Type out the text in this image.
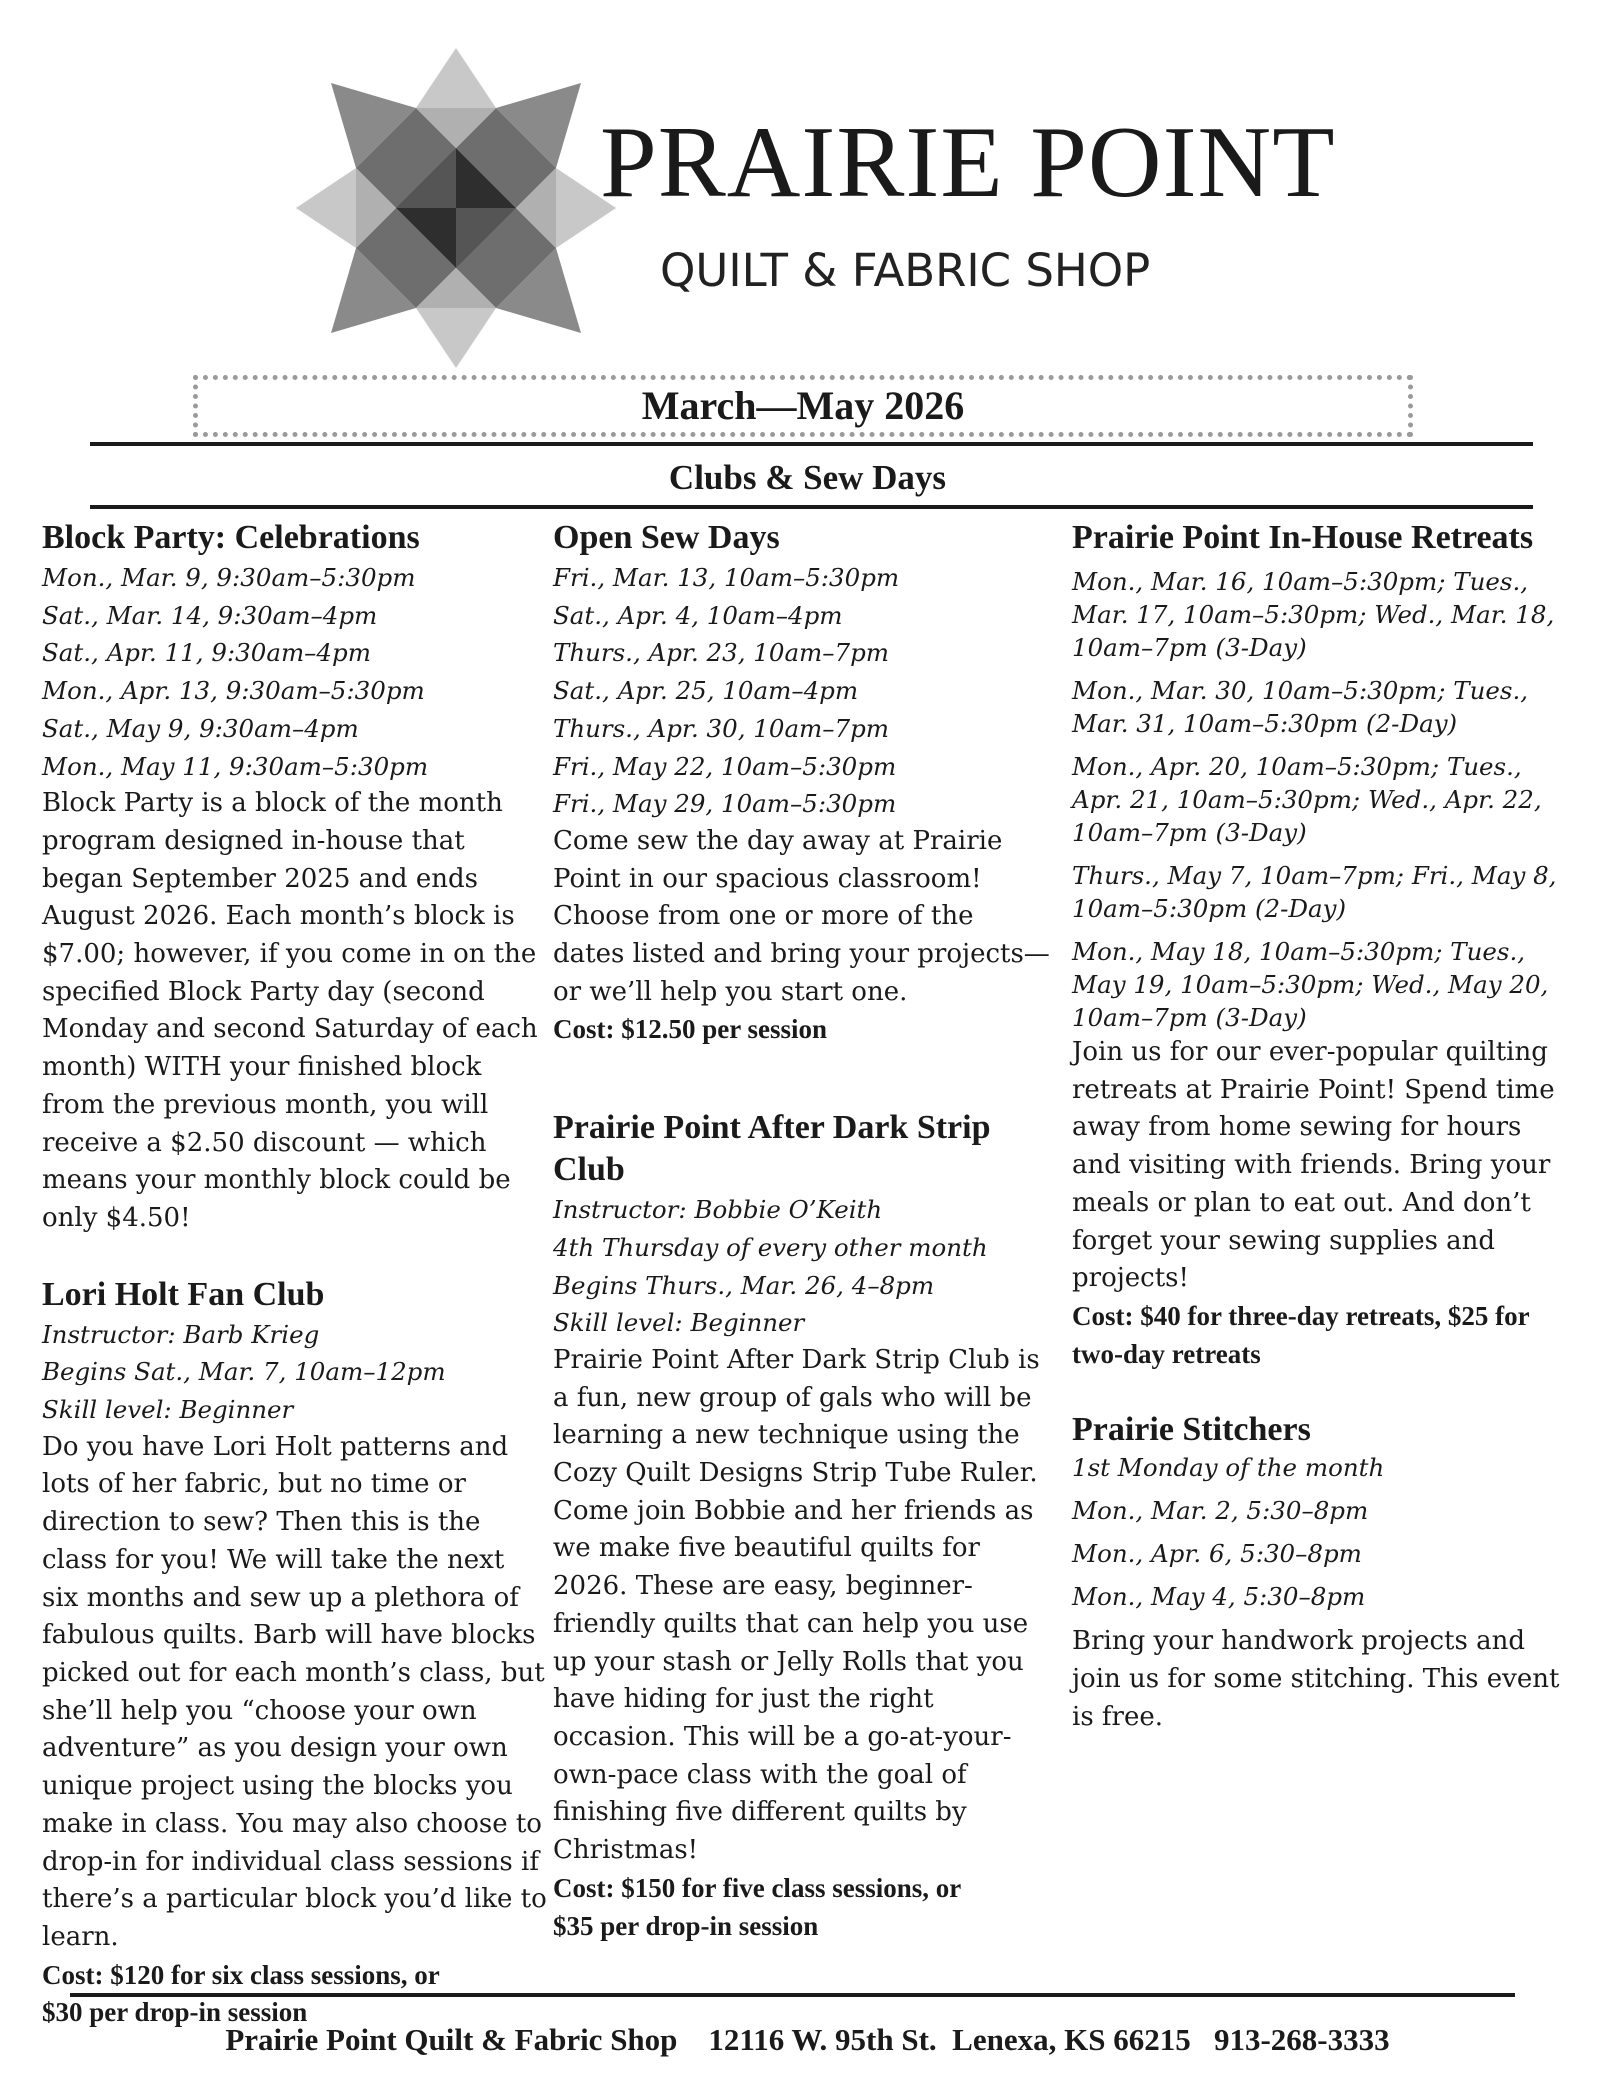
PRAIRIE POINT
QUILT & FABRIC SHOP
March—May 2026
Clubs & Sew Days
Block Party: Celebrations

Mon., Mar. 9, 9:30am–5:30pm

Sat., Mar. 14, 9:30am–4pm

Sat., Apr. 11, 9:30am–4pm

Mon., Apr. 13, 9:30am–5:30pm

Sat., May 9, 9:30am–4pm

Mon., May 11, 9:30am–5:30pm

Block Party is a block of the month program designed in-house that began September 2025 and ends August 2026. Each month’s block is $7.00; however, if you come in on the specified Block Party day (second Monday and second Saturday of each month) WITH your finished block from the previous month, you will receive a $2.50 discount — which means your monthly block could be only $4.50!

Lori Holt Fan Club

Instructor: Barb Krieg

Begins Sat., Mar. 7, 10am–12pm

Skill level: Beginner

Do you have Lori Holt patterns and lots of her fabric, but no time or direction to sew? Then this is the class for you! We will take the next six months and sew up a plethora of fabulous quilts. Barb will have blocks picked out for each month’s class, but she’ll help you “choose your own adventure” as you design your own unique project using the blocks you make in class. You may also choose to drop-in for individual class sessions if there’s a particular block you’d like to learn.

Cost: $120 for six class sessions, or $30 per drop-in session

Open Sew Days

Fri., Mar. 13, 10am–5:30pm

Sat., Apr. 4, 10am–4pm

Thurs., Apr. 23, 10am–7pm

Sat., Apr. 25, 10am–4pm

Thurs., Apr. 30, 10am–7pm

Fri., May 22, 10am–5:30pm

Fri., May 29, 10am–5:30pm

Come sew the day away at Prairie Point in our spacious classroom! Choose from one or more of the dates listed and bring your projects—or we’ll help you start one.

Cost: $12.50 per session

Prairie Point After Dark Strip Club

Instructor: Bobbie O’Keith

4th Thursday of every other month

Begins Thurs., Mar. 26, 4–8pm

Skill level: Beginner

Prairie Point After Dark Strip Club is a fun, new group of gals who will be learning a new technique using the Cozy Quilt Designs Strip Tube Ruler. Come join Bobbie and her friends as we make five beautiful quilts for 2026. These are easy, beginner-friendly quilts that can help you use up your stash or Jelly Rolls that you have hiding for just the right occasion. This will be a go-at-your-own-pace class with the goal of finishing five different quilts by Christmas!

Cost: $150 for five class sessions, or $35 per drop-in session

Prairie Point In-House Retreats

Mon., Mar. 16, 10am–5:30pm; Tues., Mar. 17, 10am–5:30pm; Wed., Mar. 18, 10am–7pm (3-Day)

Mon., Mar. 30, 10am–5:30pm; Tues., Mar. 31, 10am–5:30pm (2-Day)

Mon., Apr. 20, 10am–5:30pm; Tues., Apr. 21, 10am–5:30pm; Wed., Apr. 22, 10am–7pm (3-Day)

Thurs., May 7, 10am–7pm; Fri., May 8, 10am–5:30pm (2-Day)

Mon., May 18, 10am–5:30pm; Tues., May 19, 10am–5:30pm; Wed., May 20, 10am–7pm (3-Day)

Join us for our ever-popular quilting retreats at Prairie Point! Spend time away from home sewing for hours and visiting with friends. Bring your meals or plan to eat out. And don’t forget your sewing supplies and projects!

Cost: $40 for three-day retreats, $25 for two-day retreats

Prairie Stitchers

1st Monday of the month

Mon., Mar. 2, 5:30–8pm

Mon., Apr. 6, 5:30–8pm

Mon., May 4, 5:30–8pm

Bring your handwork projects and join us for some stitching. This event is free.

Prairie Point Quilt & Fabric Shop    12116 W. 95th St.  Lenexa, KS 66215   913-268-3333
